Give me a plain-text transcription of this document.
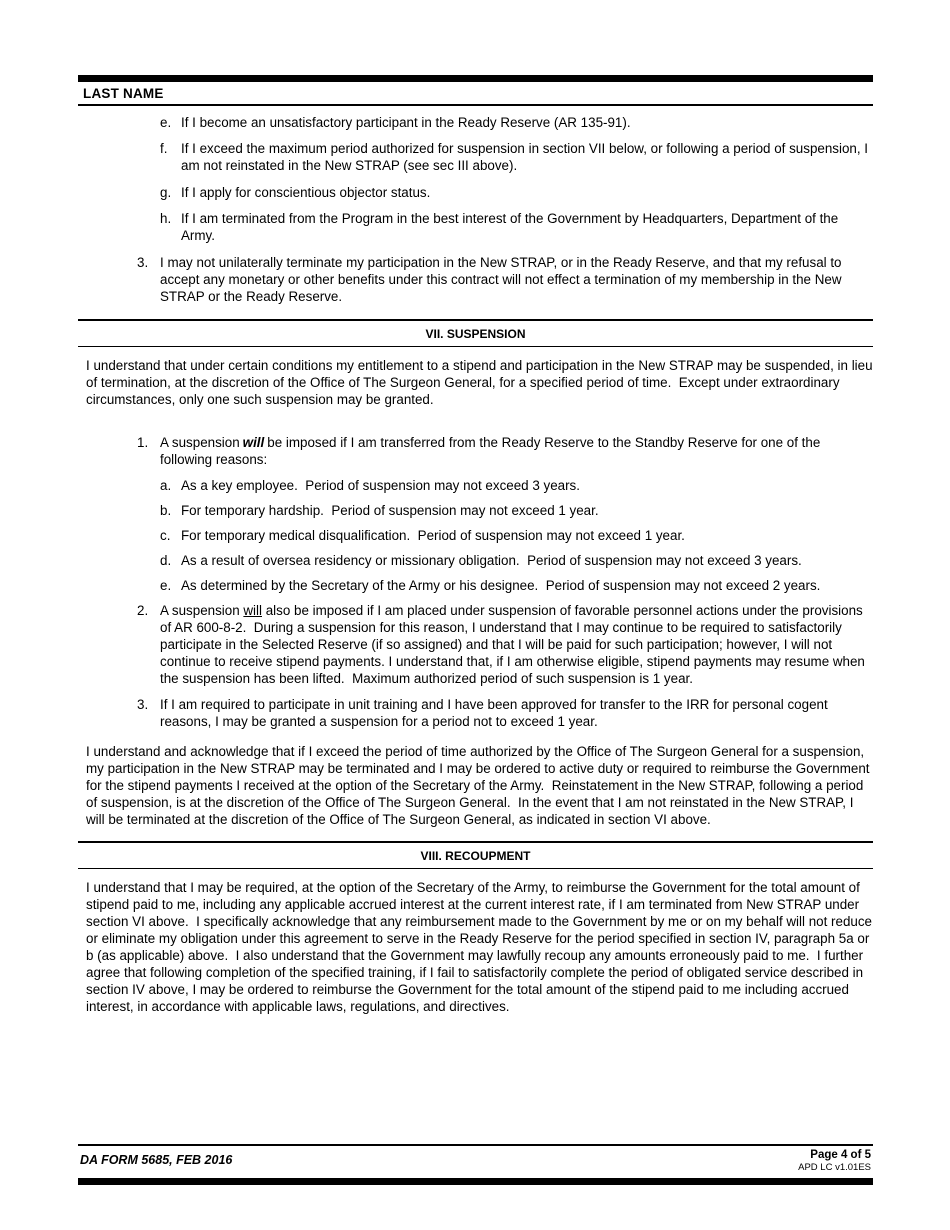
LAST NAME
e. If I become an unsatisfactory participant in the Ready Reserve (AR 135-91).
f.	If I exceed the maximum period authorized for suspension in section VII below, or following a period of suspension, I am not reinstated in the New STRAP (see sec III above).
g. If I apply for conscientious objector status.
h. If I am terminated from the Program in the best interest of the Government by Headquarters, Department of the Army.
3. I may not unilaterally terminate my participation in the New STRAP, or in the Ready Reserve, and that my refusal to accept any monetary or other benefits under this contract will not effect a termination of my membership in the New STRAP or the Ready Reserve.
VII. SUSPENSION

I understand that under certain conditions my entitlement to a stipend and participation in the New STRAP may be suspended, in lieu of termination, at the discretion of the Office of The Surgeon General, for a specified period of time.  Except under extraordinary circumstances, only one such suspension may be granted.

1. A suspension will be imposed if I am transferred from the Ready Reserve to the Standby Reserve for one of the following reasons:
a. As a key employee.  Period of suspension may not exceed 3 years.
b. For temporary hardship.  Period of suspension may not exceed 1 year.
c. For temporary medical disqualification.  Period of suspension may not exceed 1 year.
d. As a result of oversea residency or missionary obligation.  Period of suspension may not exceed 3 years.
e. As determined by the Secretary of the Army or his designee.  Period of suspension may not exceed 2 years.
2. A suspension will also be imposed if I am placed under suspension of favorable personnel actions under the provisions of AR 600-8-2.  During a suspension for this reason, I understand that I may continue to be required to satisfactorily participate in the Selected Reserve (if so assigned) and that I will be paid for such participation; however, I will not continue to receive stipend payments. I understand that, if I am otherwise eligible, stipend payments may resume when the suspension has been lifted.  Maximum authorized period of such suspension is 1 year.
3. If I am required to participate in unit training and I have been approved for transfer to the IRR for personal cogent reasons, I may be granted a suspension for a period not to exceed 1 year.

I understand and acknowledge that if I exceed the period of time authorized by the Office of The Surgeon General for a suspension, my participation in the New STRAP may be terminated and I may be ordered to active duty or required to reimburse the Government for the stipend payments I received at the option of the Secretary of the Army.  Reinstatement in the New STRAP, following a period of suspension, is at the discretion of the Office of The Surgeon General.  In the event that I am not reinstated in the New STRAP, I will be terminated at the discretion of the Office of The Surgeon General, as indicated in section VI above.

VIII. RECOUPMENT

I understand that I may be required, at the option of the Secretary of the Army, to reimburse the Government for the total amount of stipend paid to me, including any applicable accrued interest at the current interest rate, if I am terminated from New STRAP under section VI above.  I specifically acknowledge that any reimbursement made to the Government by me or on my behalf will not reduce or eliminate my obligation under this agreement to serve in the Ready Reserve for the period specified in section IV, paragraph 5a or b (as applicable) above.  I also understand that the Government may lawfully recoup any amounts erroneously paid to me.  I further agree that following completion of the specified training, if I fail to satisfactorily complete the period of obligated service described in section IV above, I may be ordered to reimburse the Government for the total amount of the stipend paid to me including accrued interest, in accordance with applicable laws, regulations, and directives.

DA FORM 5685, FEB 2016	Page 4 of 5
APD LC v1.01ES
